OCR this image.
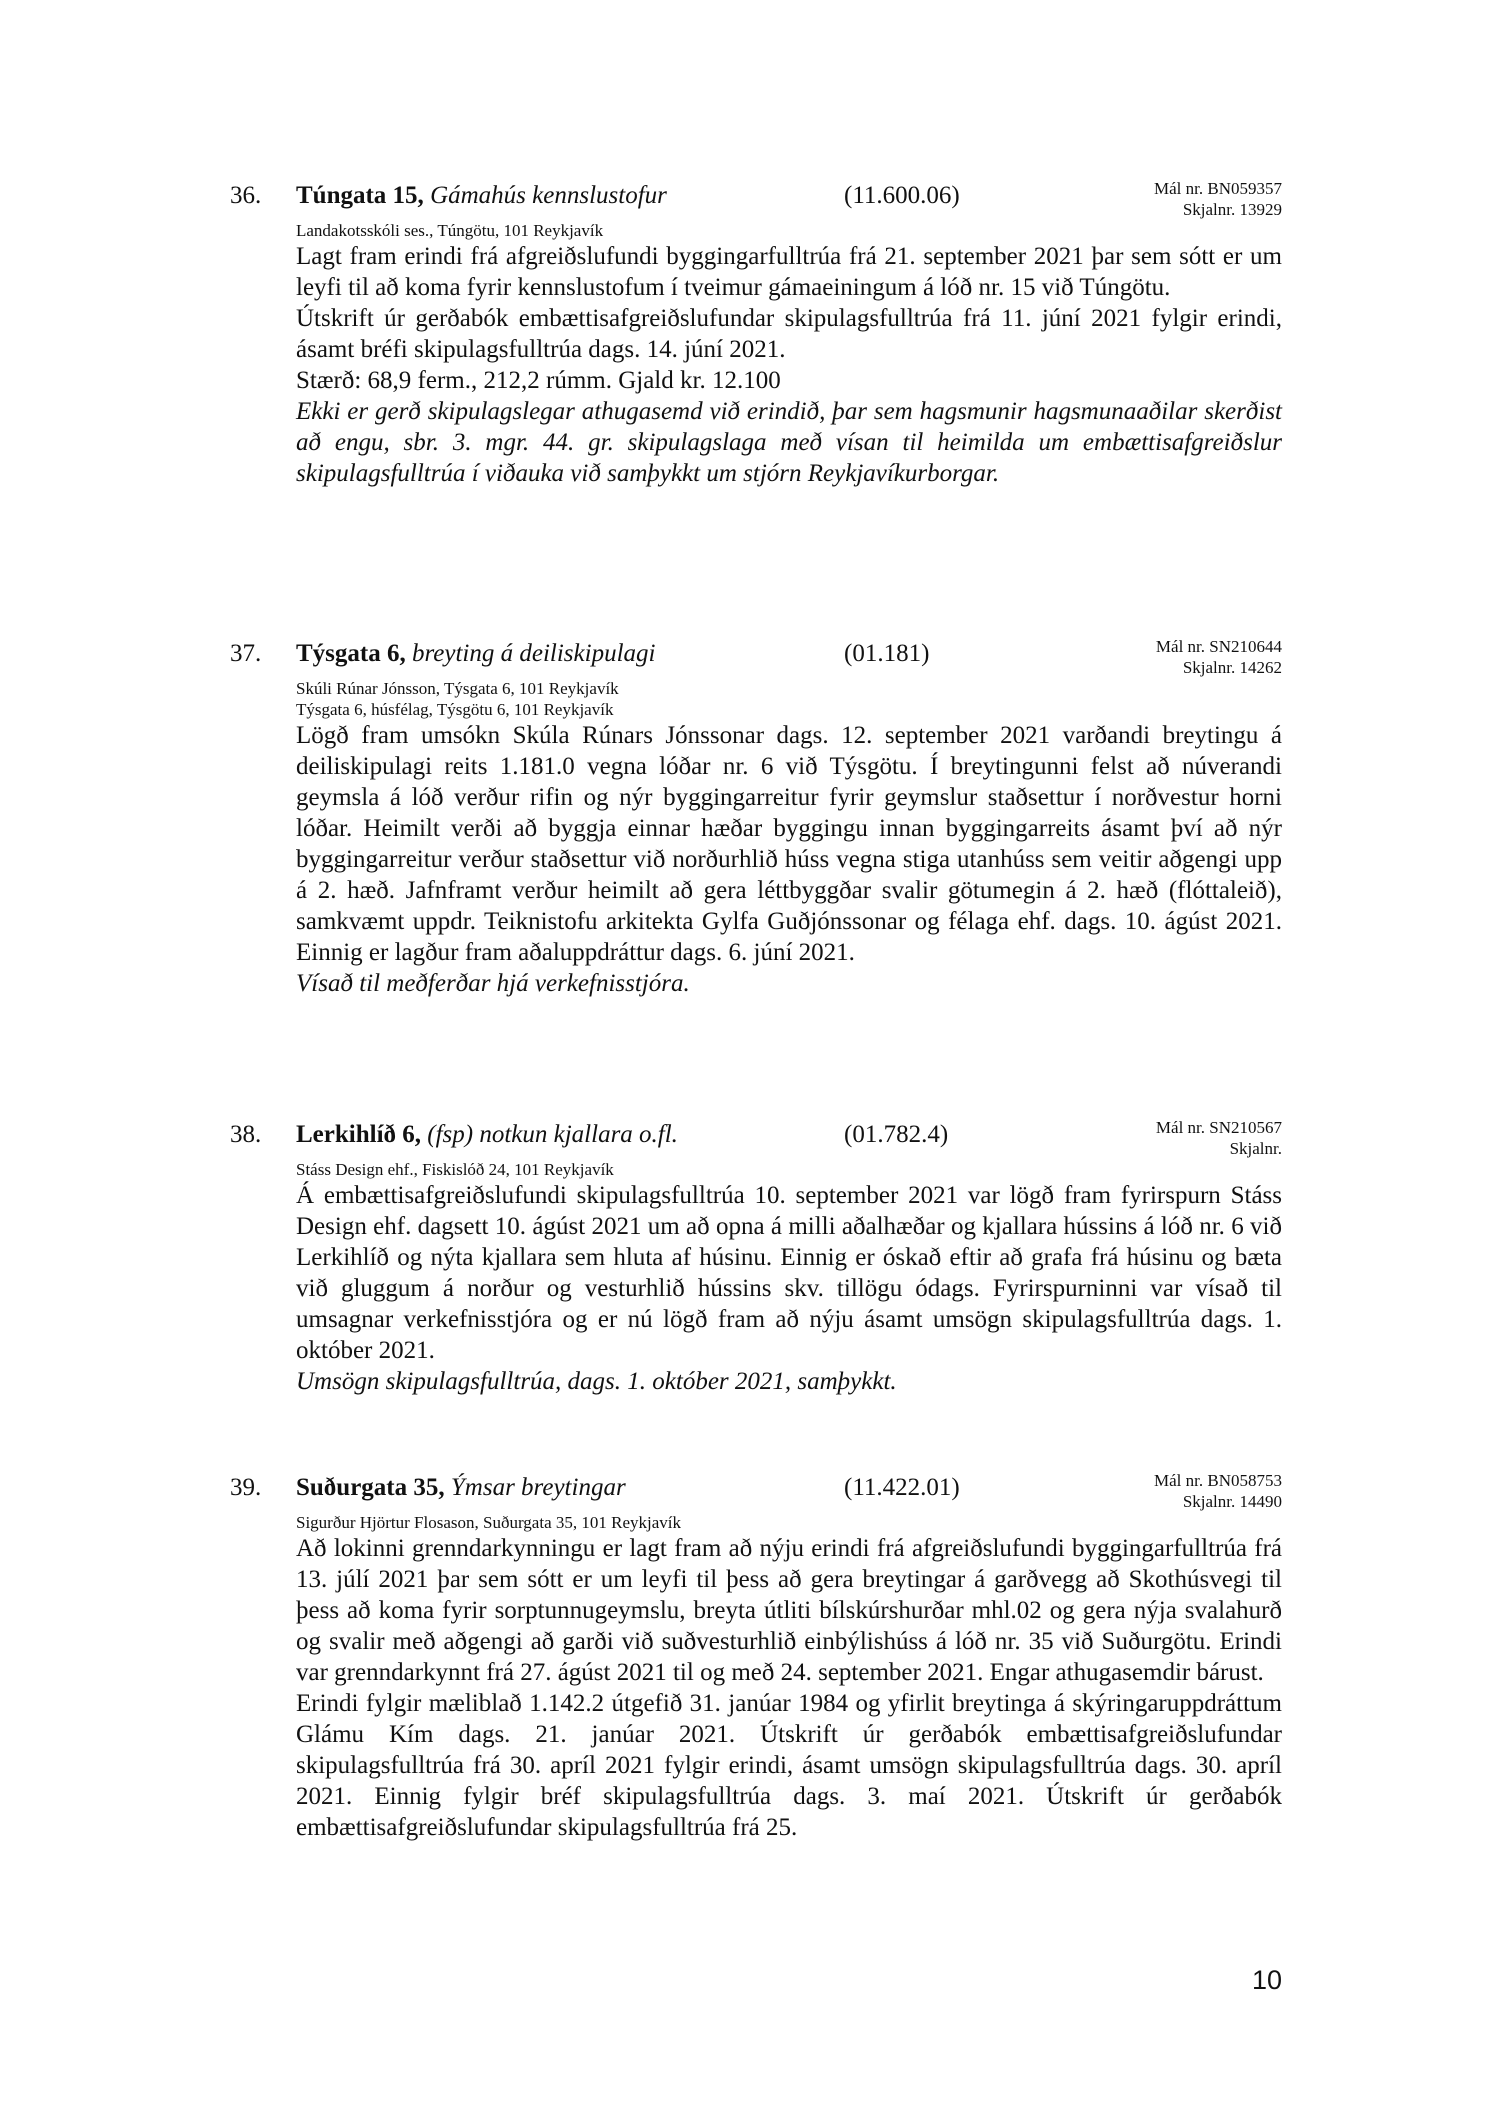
36. Túngata 15, Gámahús kennslustofur	(11.600.06)	Mál nr. BN059357
Skjalnr. 13929
Landakotsskóli ses., Túngötu, 101 Reykjavík

Lagt fram erindi frá afgreiðslufundi byggingarfulltrúa frá 21. september 2021 þar sem sótt er um leyfi til að koma fyrir kennslustofum í tveimur gámaeiningum á lóð nr. 15 við Túngötu.

Útskrift úr gerðabók embættisafgreiðslufundar skipulagsfulltrúa frá 11. júní 2021 fylgir erindi, ásamt bréfi skipulagsfulltrúa dags. 14. júní 2021.

Stærð: 68,9 ferm., 212,2 rúmm. Gjald kr. 12.100

Ekki er gerð skipulagslegar athugasemd við erindið, þar sem hagsmunir hagsmunaaðilar skerðist að engu, sbr. 3. mgr. 44. gr. skipulagslaga með vísan til heimilda um embættisafgreiðslur skipulagsfulltrúa í viðauka við samþykkt um stjórn Reykjavíkurborgar.

37. Týsgata 6, breyting á deiliskipulagi	(01.181)	Mál nr. SN210644
Skjalnr. 14262
Skúli Rúnar Jónsson, Týsgata 6, 101 Reykjavík
Týsgata 6, húsfélag, Týsgötu 6, 101 Reykjavík

Lögð fram umsókn Skúla Rúnars Jónssonar dags. 12. september 2021 varðandi breytingu á deiliskipulagi reits 1.181.0 vegna lóðar nr. 6 við Týsgötu. Í breytingunni felst að núverandi geymsla á lóð verður rifin og nýr byggingarreitur fyrir geymslur staðsettur í norðvestur horni lóðar. Heimilt verði að byggja einnar hæðar byggingu innan byggingarreits ásamt því að nýr byggingarreitur verður staðsettur við norðurhlið húss vegna stiga utanhúss sem veitir aðgengi upp á 2. hæð. Jafnframt verður heimilt að gera léttbyggðar svalir götumegin á 2. hæð (flóttaleið), samkvæmt uppdr. Teiknistofu arkitekta Gylfa Guðjónssonar og félaga ehf. dags. 10. ágúst 2021. Einnig er lagður fram aðaluppdráttur dags. 6. júní 2021.

Vísað til meðferðar hjá verkefnisstjóra.

38. Lerkihlíð 6, (fsp) notkun kjallara o.fl.	(01.782.4)	Mál nr. SN210567
Skjalnr.
Stáss Design ehf., Fiskislóð 24, 101 Reykjavík

Á embættisafgreiðslufundi skipulagsfulltrúa 10. september 2021 var lögð fram fyrirspurn Stáss Design ehf. dagsett 10. ágúst 2021 um að opna á milli aðalhæðar og kjallara hússins á lóð nr. 6 við Lerkihlíð og nýta kjallara sem hluta af húsinu. Einnig er óskað eftir að grafa frá húsinu og bæta við gluggum á norður og vesturhlið hússins skv. tillögu ódags. Fyrirspurninni var vísað til umsagnar verkefnisstjóra og er nú lögð fram að nýju ásamt umsögn skipulagsfulltrúa dags. 1. október 2021.

Umsögn skipulagsfulltrúa, dags. 1. október 2021, samþykkt.

39. Suðurgata 35, Ýmsar breytingar	(11.422.01)	Mál nr. BN058753
Skjalnr. 14490
Sigurður Hjörtur Flosason, Suðurgata 35, 101 Reykjavík

Að lokinni grenndarkynningu er lagt fram að nýju erindi frá afgreiðslufundi byggingarfulltrúa frá 13. júlí 2021 þar sem sótt er um leyfi til þess að gera breytingar á garðvegg að Skothúsvegi til þess að koma fyrir sorptunnugeymslu, breyta útliti bílskúrshurðar mhl.02 og gera nýja svalahurð og svalir með aðgengi að garði við suðvesturhlið einbýlishúss á lóð nr. 35 við Suðurgötu. Erindi var grenndarkynnt frá 27. ágúst 2021 til og með 24. september 2021. Engar athugasemdir bárust.

Erindi fylgir mæliblað 1.142.2 útgefið 31. janúar 1984 og yfirlit breytinga á skýringaruppdráttum Glámu Kím dags. 21. janúar 2021. Útskrift úr gerðabók embættisafgreiðslufundar skipulagsfulltrúa frá 30. apríl 2021 fylgir erindi, ásamt umsögn skipulagsfulltrúa dags. 30. apríl 2021. Einnig fylgir bréf skipulagsfulltrúa dags. 3. maí 2021. Útskrift úr gerðabók embættisafgreiðslufundar skipulagsfulltrúa frá 25.

10
